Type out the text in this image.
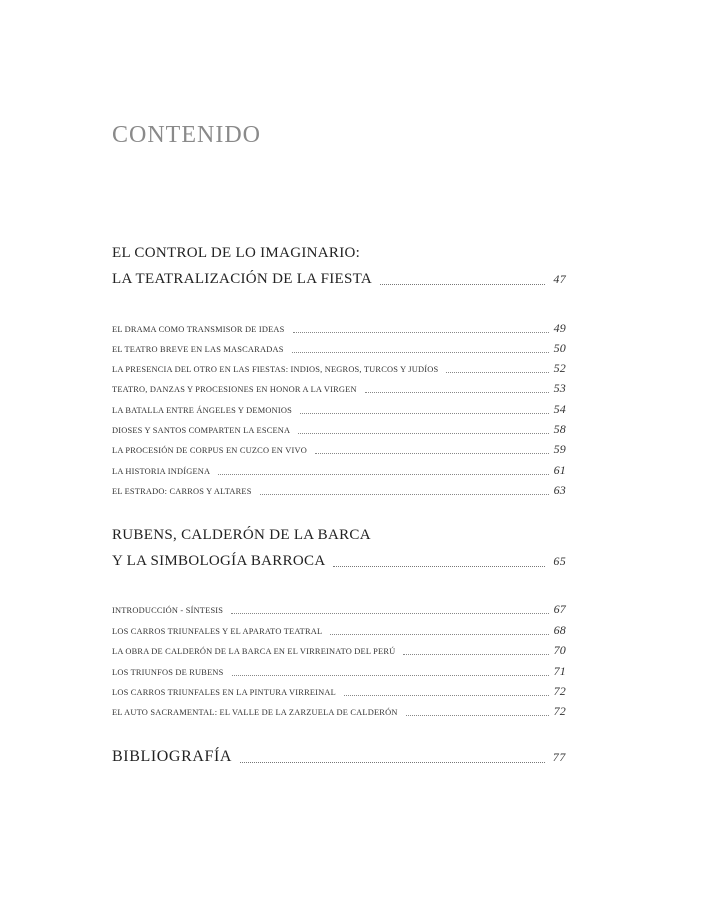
CONTENIDO
EL CONTROL DE LO IMAGINARIO:
LA TEATRALIZACIÓN DE LA FIESTA	47
EL DRAMA COMO TRANSMISOR DE IDEAS	49
EL TEATRO BREVE EN LAS MASCARADAS	50
LA PRESENCIA DEL OTRO EN LAS FIESTAS: INDIOS, NEGROS, TURCOS Y JUDÍOS	52
TEATRO, DANZAS Y PROCESIONES EN HONOR A LA VIRGEN	53
LA BATALLA ENTRE ÁNGELES Y DEMONIOS	54
DIOSES Y SANTOS COMPARTEN LA ESCENA	58
LA PROCESIÓN DE CORPUS EN CUZCO EN VIVO	59
LA HISTORIA INDÍGENA	61
EL ESTRADO: CARROS Y ALTARES	63
RUBENS, CALDERÓN DE LA BARCA
Y LA SIMBOLOGÍA BARROCA	65
INTRODUCCIÓN - SÍNTESIS	67
LOS CARROS TRIUNFALES Y EL APARATO TEATRAL	68
LA OBRA DE CALDERÓN DE LA BARCA EN EL VIRREINATO DEL PERÚ	70
LOS TRIUNFOS DE RUBENS	71
LOS CARROS TRIUNFALES EN LA PINTURA VIRREINAL	72
EL AUTO SACRAMENTAL: EL VALLE DE LA ZARZUELA DE CALDERÓN	72
BIBLIOGRAFÍA	77
